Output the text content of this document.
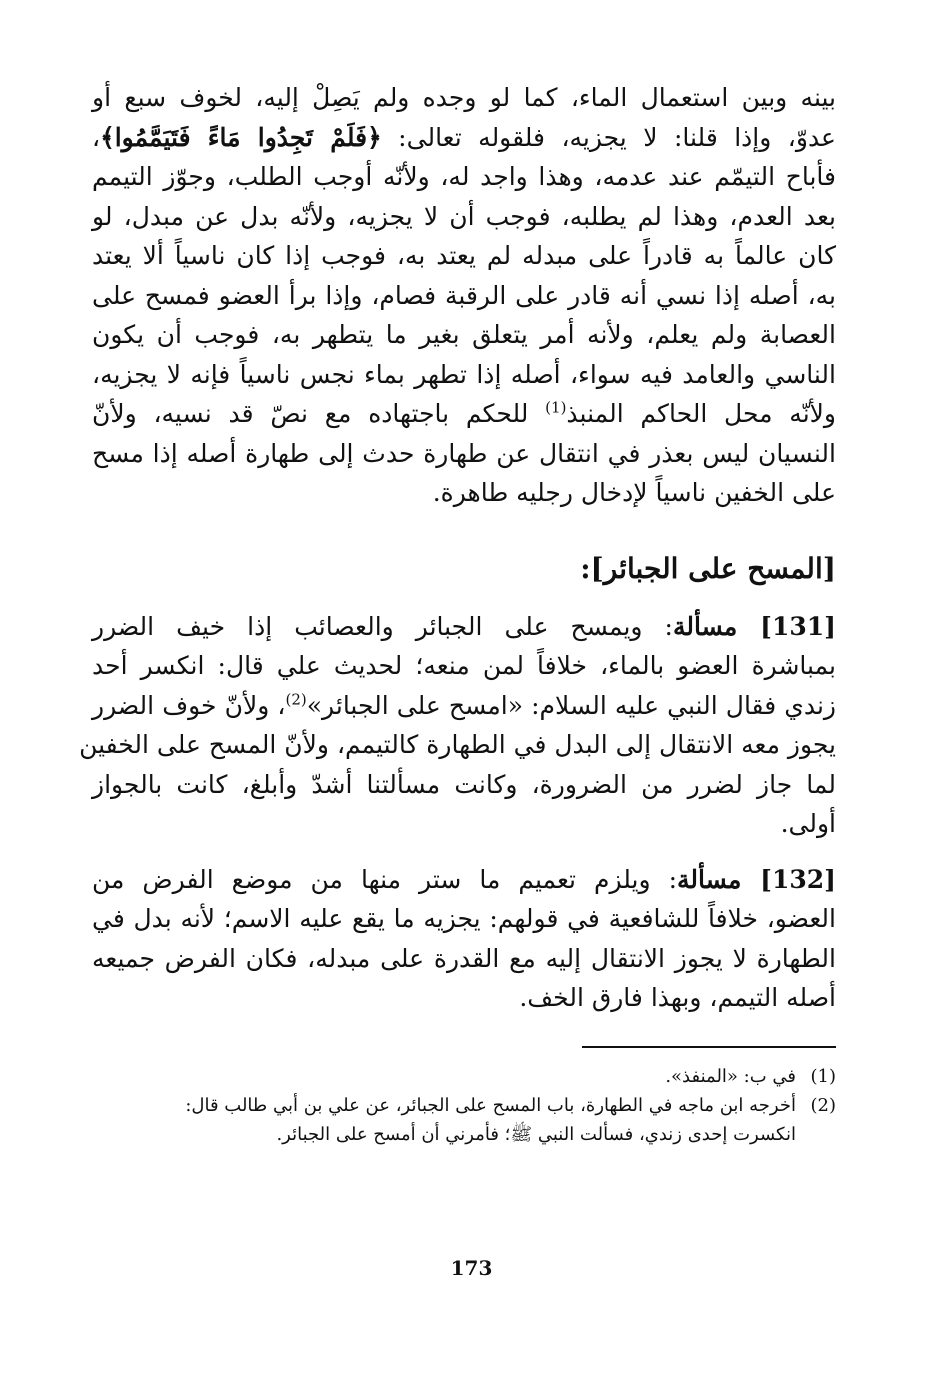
بينه وبين استعمال الماء، كما لو وجده ولم يَصِلْ إليه، لخوف سبع أو
عدوّ، وإذا قلنا: لا يجزيه، فلقوله تعالى: ﴿فَلَمْ تَجِدُوا مَاءً فَتَيَمَّمُوا﴾،
فأباح التيمّم عند عدمه، وهذا واجد له، ولأنّه أوجب الطلب، وجوّز التيمم
بعد العدم، وهذا لم يطلبه، فوجب أن لا يجزيه، ولأنّه بدل عن مبدل، لو
كان عالماً به قادراً على مبدله لم يعتد به، فوجب إذا كان ناسياً ألا يعتد
به، أصله إذا نسي أنه قادر على الرقبة فصام، وإذا برأ العضو فمسح على
العصابة ولم يعلم، ولأنه أمر يتعلق بغير ما يتطهر به، فوجب أن يكون
الناسي والعامد فيه سواء، أصله إذا تطهر بماء نجس ناسياً فإنه لا يجزيه،
ولأنّه محل الحاكم المنبذ$^{(1)}$ للحكم باجتهاده مع نصّ قد نسيه، ولأنّ
النسيان ليس بعذر في انتقال عن طهارة حدث إلى طهارة أصله إذا مسح
على الخفين ناسياً لإدخال رجليه طاهرة.

[المسح على الجبائر]:

[131] مسألة: ويمسح على الجبائر والعصائب إذا خيف الضرر
بمباشرة العضو بالماء، خلافاً لمن منعه؛ لحديث علي قال: انكسر أحد
زندي فقال النبي عليه السلام: «امسح على الجبائر»$^{(2)}$، ولأنّ خوف الضرر
يجوز معه الانتقال إلى البدل في الطهارة كالتيمم، ولأنّ المسح على الخفين
لما جاز لضرر من الضرورة، وكانت مسألتنا أشدّ وأبلغ، كانت بالجواز
أولى.

[132] مسألة: ويلزم تعميم ما ستر منها من موضع الفرض من
العضو، خلافاً للشافعية في قولهم: يجزيه ما يقع عليه الاسم؛ لأنه بدل في
الطهارة لا يجوز الانتقال إليه مع القدرة على مبدله، فكان الفرض جميعه
أصله التيمم، وبهذا فارق الخف.

(1)
في ب: «المنفذ».
(2)
أخرجه ابن ماجه في الطهارة، باب المسح على الجبائر، عن علي بن أبي طالب قال:
انكسرت إحدى زندي، فسألت النبي ﷺ؛ فأمرني أن أمسح على الجبائر.
173
